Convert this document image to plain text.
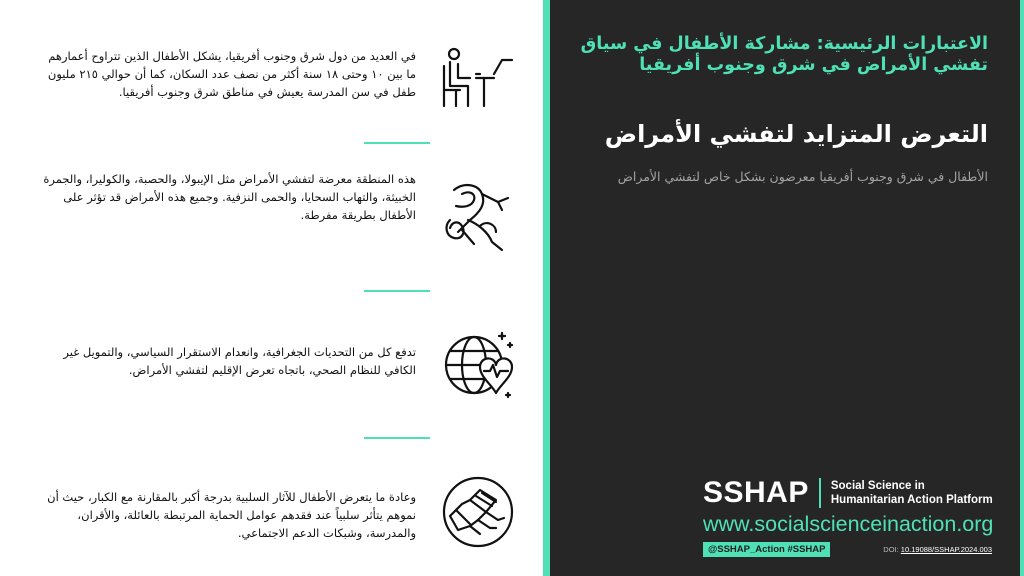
في العديد من دول شرق وجنوب أفريقيا، يشكل الأطفال الذين تتراوح أعمارهم ما بين ١٠ وحتى ١٨ سنة أكثر من نصف عدد السكان، كما أن حوالي ٢١٥ مليون طفل في سن المدرسة يعيش في مناطق شرق وجنوب أفريقيا.
هذه المنطقة معرضة لتفشي الأمراض مثل الإيبولا، والحصبة، والكوليرا، والجمرة الخبيثة، والتهاب السحايا، والحمى النزفية. وجميع هذه الأمراض قد تؤثر على الأطفال بطريقة مفرطة.
تدفع كل من التحديات الجغرافية، وانعدام الاستقرار السياسي، والتمويل غير الكافي للنظام الصحي، باتجاه تعرض الإقليم لتفشي الأمراض.
وعادة ما يتعرض الأطفال للآثار السلبية بدرجة أكبر بالمقارنة مع الكبار، حيث أن نموهم يتأثر سلبياً عند فقدهم عوامل الحماية المرتبطة بالعائلة، والأقران، والمدرسة، وشبكات الدعم الاجتماعي.
الاعتبارات الرئيسية: مشاركة الأطفال في سياق تفشي الأمراض في شرق وجنوب أفريقيا
التعرض المتزايد لتفشي الأمراض
الأطفال في شرق وجنوب أفريقيا معرضون بشكل خاص لتفشي الأمراض
SSHAP Social Science in
Humanitarian Action Platform
www.socialscienceinaction.org
@SSHAP_Action #SSHAP	DOI: 10.19088/SSHAP.2024.003
